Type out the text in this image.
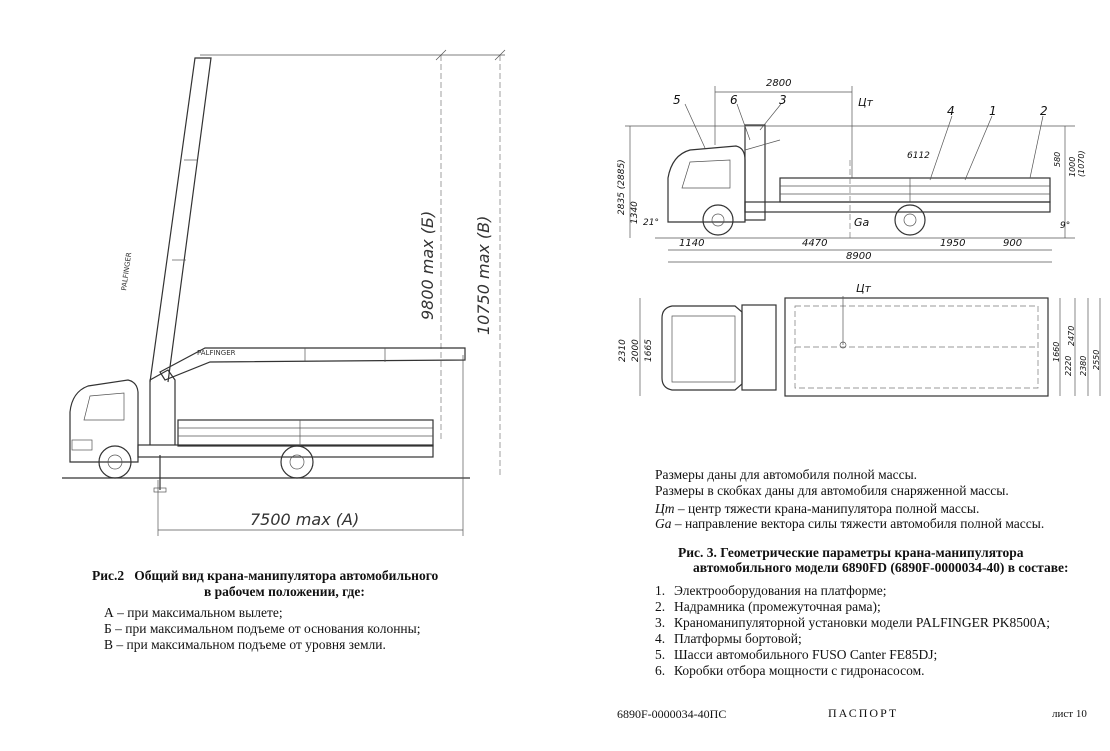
PALFINGER
PALFINGER
7500 max (А)
9800 max (Б) 10750 max (В)
5	6	3
4	1	2
2800
Цт
6112
2835 (2885) 1340 21°	Ga	9°
580 1000 (1070)
1140	4470	1950	900
8900
Цт
2310 2000 1665	1660
2220
2470
2380 2550
Рис.2 Общий вид крана-манипулятора автомобильного
в рабочем положении, где:
А – при максимальном вылете;
Б – при максимальном подъеме от основания колонны;
В – при максимальном подъеме от уровня земли.
Размеры даны для автомобиля полной массы.
Размеры в скобках даны для автомобиля снаряженной массы.
Цт – центр тяжести крана-манипулятора полной массы.
Ga – направление вектора силы тяжести автомобиля полной массы.
Рис. 3. Геометрические параметры крана-манипулятора
автомобильного модели 6890FD (6890F-0000034-40) в составе:
1. Электрооборудования на платформе;
2. Надрамника (промежуточная рама);
3. Краноманипуляторной установки модели PALFINGER PK8500A;
4. Платформы бортовой;
5. Шасси автомобильного FUSO Canter FE85DJ;
6. Коробки отбора мощности с гидронасосом.
6890F-0000034-40ПС	ПАСПОРТ	лист 10
